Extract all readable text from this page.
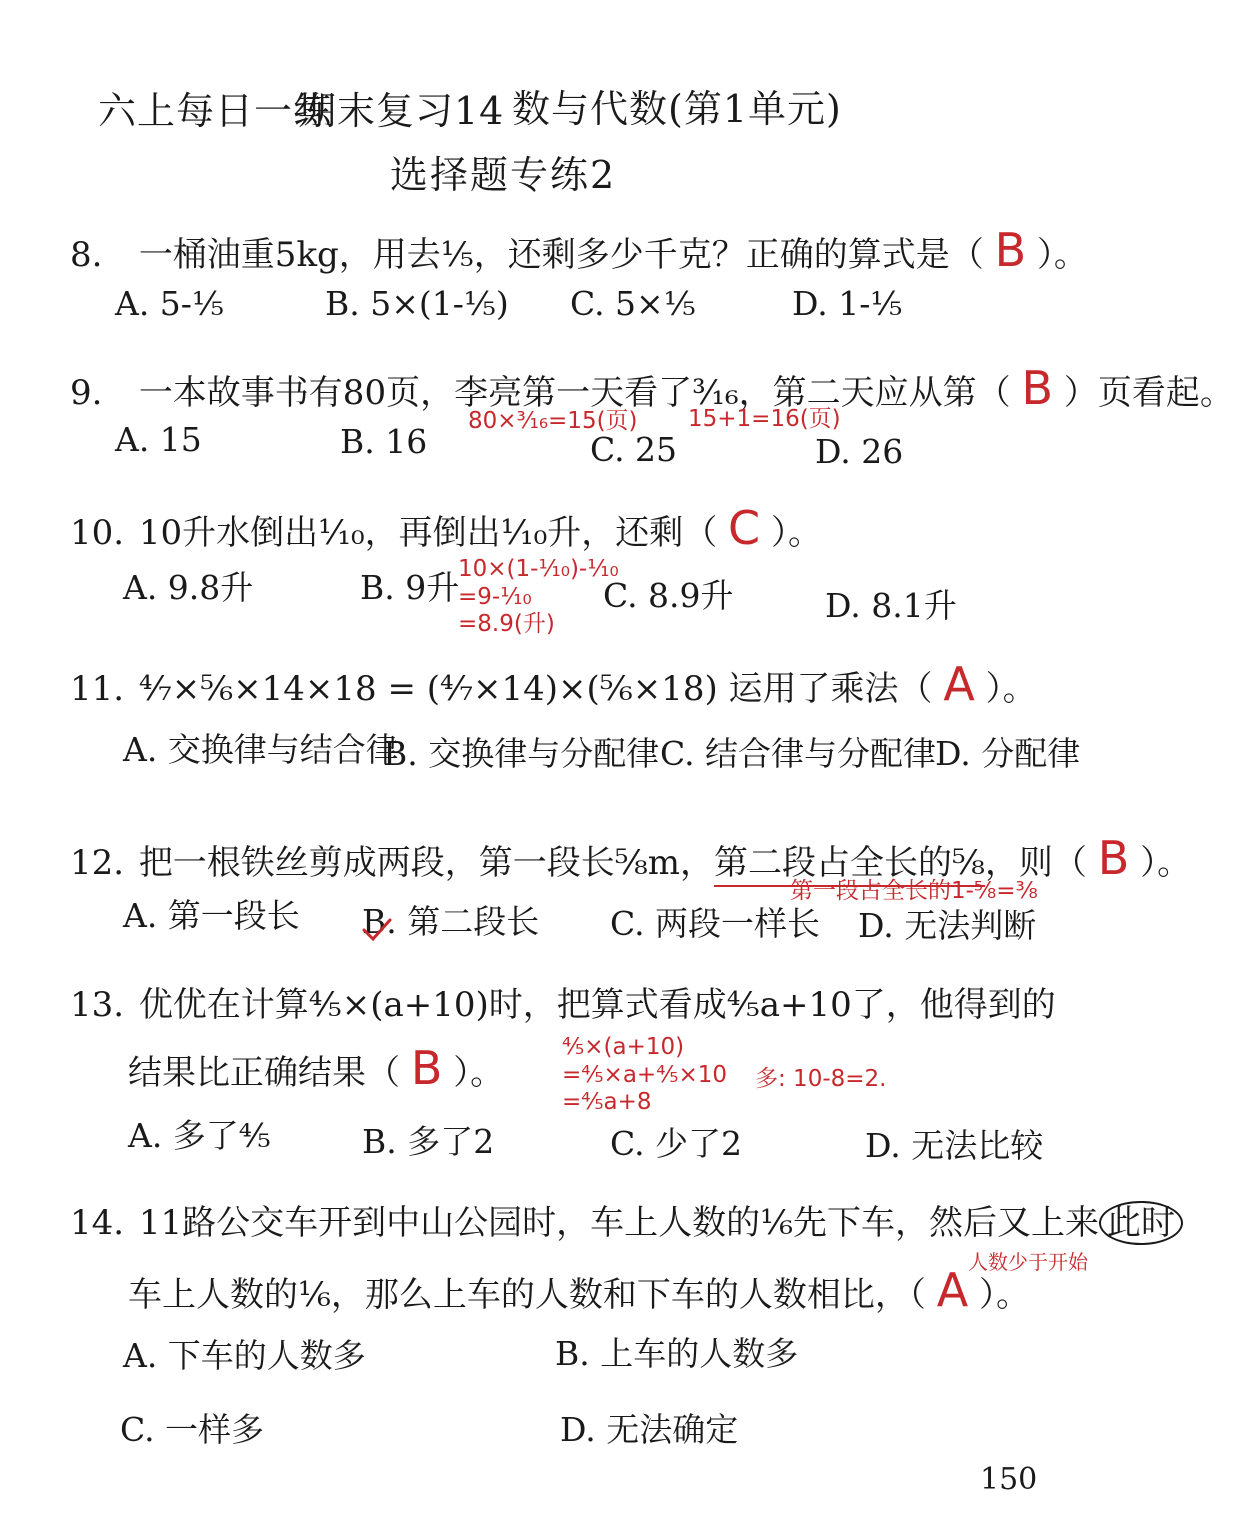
六上每日一练
期末复习14 数与代数(第1单元)
选择题专练2
8. 一桶油重5kg，用去¹⁄₅，还剩多少千克？正确的算式是（ B ）。
A. 5-¹⁄₅	B. 5×(1-¹⁄₅) C. 5×¹⁄₅	D. 1-¹⁄₅
9. 一本故事书有80页，李亮第一天看了³⁄₁₆，第二天应从第（ B ）页看起。
80×³⁄₁₆=15(页) 15+1=16(页)
A. 15	B. 16	C. 25	D. 26
10. 10升水倒出¹⁄₁₀，再倒出¹⁄₁₀升，还剩（ C ）。
A. 9.8升	B. 9升
10×(1-¹⁄₁₀)-¹⁄₁₀
=9-¹⁄₁₀
=8.9(升)
C. 8.9升	D. 8.1升
11. ⁴⁄₇×⁵⁄₆×14×18 = (⁴⁄₇×14)×(⁵⁄₆×18) 运用了乘法（ A ）。
A. 交换律与结合律
B. 交换律与分配律 C. 结合律与分配律
D. 分配律
12. 把一根铁丝剪成两段，第一段长⁵⁄₈m，第二段占全长的⁵⁄₈，则（ B ）。
第一段占全长的1-⁵⁄₈=³⁄₈
A. 第一段长 B. 第二段长 C. 两段一样长 D. 无法判断
13. 优优在计算⁴⁄₅×(a+10)时，把算式看成⁴⁄₅a+10了，他得到的
结果比正确结果（ B ）。
⁴⁄₅×(a+10)
=⁴⁄₅×a+⁴⁄₅×10
=⁴⁄₅a+8
多: 10-8=2.
A. 多了⁴⁄₅	B. 多了2	C. 少了2	D. 无法比较
14. 11路公交车开到中山公园时，车上人数的¹⁄₆先下车，然后又上来 此时
人数少于开始
车上人数的¹⁄₆，那么上车的人数和下车的人数相比，（ A ）。
A. 下车的人数多	B. 上车的人数多
C. 一样多	D. 无法确定
150
